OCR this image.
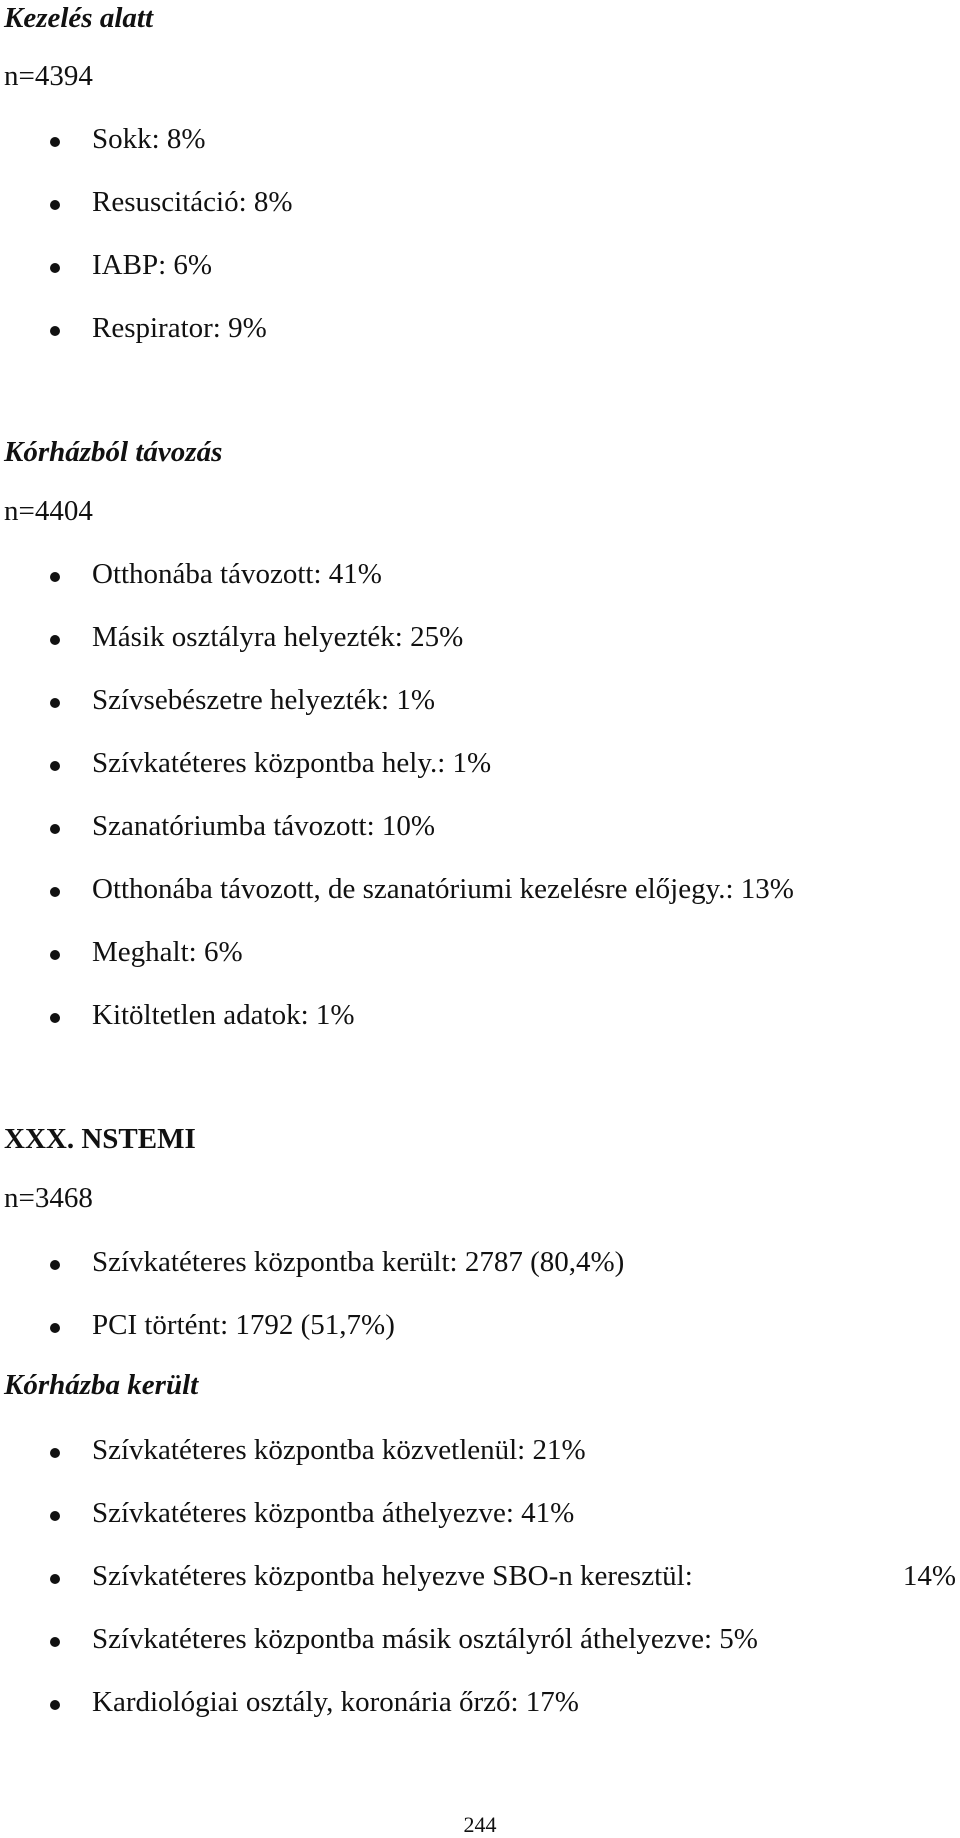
Kezelés alatt
n=4394
Sokk: 8%
Resuscitáció: 8%
IABP: 6%
Respirator: 9%
Kórházból távozás
n=4404
Otthonába távozott: 41%
Másik osztályra helyezték: 25%
Szívsebészetre helyezték: 1%
Szívkatéteres központba hely.: 1%
Szanatóriumba távozott: 10%
Otthonába távozott, de szanatóriumi kezelésre előjegy.: 13%
Meghalt: 6%
Kitöltetlen adatok: 1%
XXX. NSTEMI
n=3468
Szívkatéteres központba került: 2787 (80,4%)
PCI történt: 1792 (51,7%)
Kórházba került
Szívkatéteres központba közvetlenül: 21%
Szívkatéteres központba áthelyezve: 41%
Szívkatéteres központba helyezve SBO-n keresztül:	14%
Szívkatéteres központba másik osztályról áthelyezve: 5%
Kardiológiai osztály, koronária őrző: 17%
244
